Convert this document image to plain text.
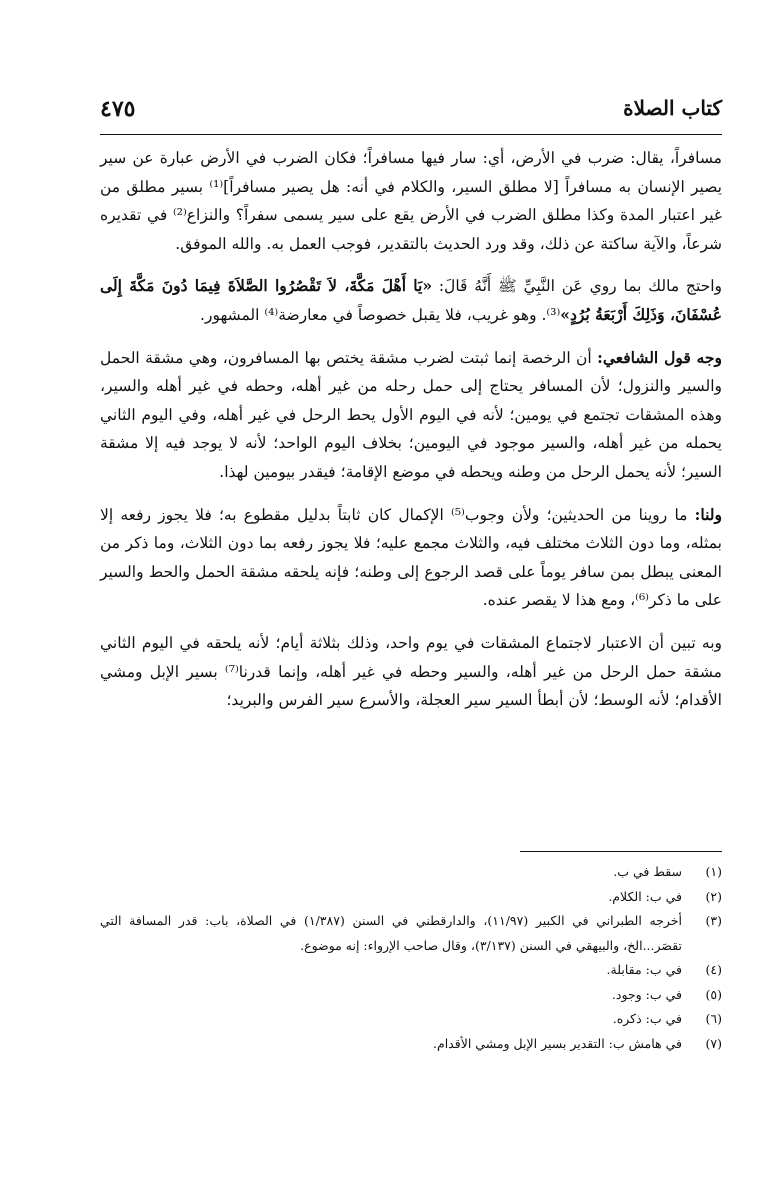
كتاب الصلاة
٤٧٥

مسافراً، يقال: ضرب في الأرض، أي: سار فيها مسافراً؛ فكان الضرب في الأرض عبارة عن سير يصير الإنسان به مسافراً [لا مطلق السير، والكلام في أنه: هل يصير مسافراً]⁽¹⁾ بسير مطلق من غير اعتبار المدة وكذا مطلق الضرب في الأرض يقع على سير يسمى سفراً؟ والنزاع⁽²⁾ في تقديره شرعاً، والآية ساكتة عن ذلك، وقد ورد الحديث بالتقدير، فوجب العمل به. والله الموفق.

واحتج مالك بما روي عَن النَّبِيِّ ﷺ أَنَّهُ قَالَ: «يَا أَهْلَ مَكَّةَ، لاَ تَقْصُرُوا الصَّلاَةَ فِيمَا دُونَ مَكَّةَ إِلَى عُسْفَانَ، وَذَلِكَ أَرْبَعَةُ بُرُدٍ»⁽³⁾. وهو غريب، فلا يقبل خصوصاً في معارضة⁽⁴⁾ المشهور.

وجه قول الشافعي: أن الرخصة إنما ثبتت لضرب مشقة يختص بها المسافرون، وهي مشقة الحمل والسير والنزول؛ لأن المسافر يحتاج إلى حمل رحله من غير أهله، وحطه في غير أهله والسير، وهذه المشقات تجتمع في يومين؛ لأنه في اليوم الأول يحط الرحل في غير أهله، وفي اليوم الثاني يحمله من غير أهله، والسير موجود في اليومين؛ بخلاف اليوم الواحد؛ لأنه لا يوجد فيه إلا مشقة السير؛ لأنه يحمل الرحل من وطنه ويحطه في موضع الإقامة؛ فيقدر بيومين لهذا.

ولنا: ما روينا من الحديثين؛ ولأن وجوب⁽⁵⁾ الإكمال كان ثابتاً بدليل مقطوع به؛ فلا يجوز رفعه إلا بمثله، وما دون الثلاث مختلف فيه، والثلاث مجمع عليه؛ فلا يجوز رفعه بما دون الثلاث، وما ذكر من المعنى يبطل بمن سافر يوماً على قصد الرجوع إلى وطنه؛ فإنه يلحقه مشقة الحمل والحط والسير على ما ذكر⁽⁶⁾، ومع هذا لا يقصر عنده.

وبه تبين أن الاعتبار لاجتماع المشقات في يوم واحد، وذلك بثلاثة أيام؛ لأنه يلحقه في اليوم الثاني مشقة حمل الرحل من غير أهله، والسير وحطه في غير أهله، وإنما قدرنا⁽⁷⁾ بسير الإبل ومشي الأقدام؛ لأنه الوسط؛ لأن أبطأ السير سير العجلة، والأسرع سير الفرس والبريد؛

(١)
سقط في ب.
(٢)
في ب: الكلام.
(٣)
أخرجه الطبراني في الكبير (١١/٩٧)، والدارقطني في السنن (١/٣٨٧) في الصلاة، باب: قدر المسافة التي تقصَر...الخ، والبيهقي في السنن (٣/١٣٧)، وقال صاحب الإرواء: إنه موضوع.
(٤)
في ب: مقابلة.
(٥)
في ب: وجود.
(٦)
في ب: ذكره.
(٧)
في هامش ب: التقدير بسير الإبل ومشي الأقدام.
